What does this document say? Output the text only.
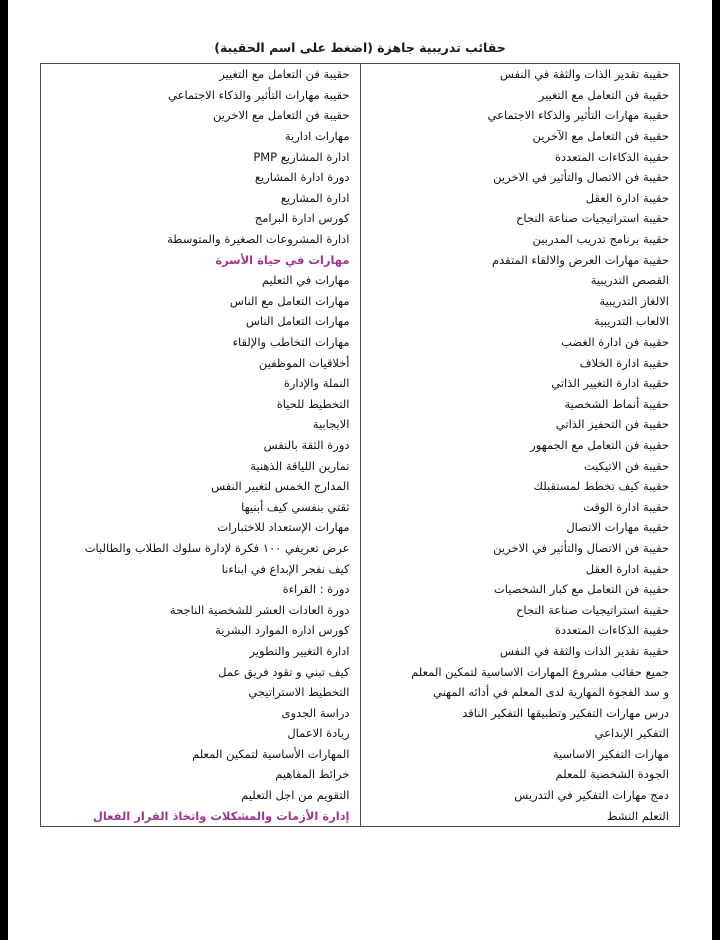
حقائب تدريبية جاهزة (اضغط على اسم الحقيبة)
حقيبة تقدير الذات والثقة في النفس	حقيبة فن التعامل مع التغيير

حقيبة فن التعامل مع التغيير	حقيبة مهارات التأثير والذكاء الاجتماعي

حقيبة مهارات التأثير والذكاء الاجتماعي	حقيبة فن التعامل مع الاخرين

حقيبة فن التعامل مع الآخرين	مهارات ادارية

حقيبة الذكاءات المتعددة	ادارة المشاريع PMP

حقيبة فن الاتصال والتأثير في الاخرين	دورة ادارة المشاريع

حقيبة ادارة العقل	ادارة المشاريع

حقيبة استراتيجيات صناعة النجاح	كورس ادارة البرامج

حقيبة برنامج تدريب المدربين	ادارة المشروعات الصغيرة والمتوسطة

حقيبة مهارات العرض والالقاء المتقدم	مهارات في حياة الأسرة

القصص التدريبية	مهارات في التعليم

الالغاز التدريبية	مهارات التعامل مع الناس

الالعاب التدريبية	مهارات التعامل الناس

حقيبة فن ادارة الغضب	مهارات التخاطب والإلقاء

حقيبة ادارة الخلاف	أخلاقيات الموظفين

حقيبة ادارة التغيير الذاتي	النملة والإدارة

حقيبة أنماط الشخصية	التخطيط للحياة

حقيبة فن التحفيز الذاتي	الايجابية

حقيبة فن التعامل مع الجمهور	دورة الثقة بالنفس

حقيبة فن الاتيكيت	تمارين اللياقة الذهنية

حقيبة كيف تخطط لمستقبلك	المدارج الخمس لتغيير النفس

حقيبة ادارة الوقت	ثقتي بنفسي كيف أبنيها

حقيبة مهارات الاتصال	مهارات الإستعداد للاختبارات

حقيبة فن الاتصال والتأثير في الاخرين	عرض تعريفي ١٠٠ فكرة لإدارة سلوك الطلاب والطالبات

حقيبة ادارة العقل	كيف نفجر الإبداع في ابناءنا

حقيبة فن التعامل مع كبار الشخصيات	دورة : القراءة

حقيبة استراتيجيات صناعة النجاح	دورة العادات العشر للشخصية الناجحة

حقيبة الذكاءات المتعددة	كورس اداره الموارد البشرية

حقيبة تقدير الذات والثقة في النفس	ادارة التغيير والتطوير

جميع حقائب مشروع المهارات الاساسية لتمكين المعلم	كيف تبني و تقود فريق عمل

و سد الفجوة المهارية لدى المعلم في أدائه المهني	التخطيط الاستراتيجي

درس مهارات التفكير وتطبيقها التفكير الناقد	دراسة الجدوى

التفكير الإبداعي	ريادة الاعمال

مهارات التفكير الاساسية	المهارات الأساسية لتمكين المعلم

الجودة الشخصية للمعلم	خرائط المفاهيم

دمج مهارات التفكير في التدريس	التقويم من اجل التعليم

التعلم النشط	إدارة الأزمات والمشكلات واتخاذ القرار الفعال
